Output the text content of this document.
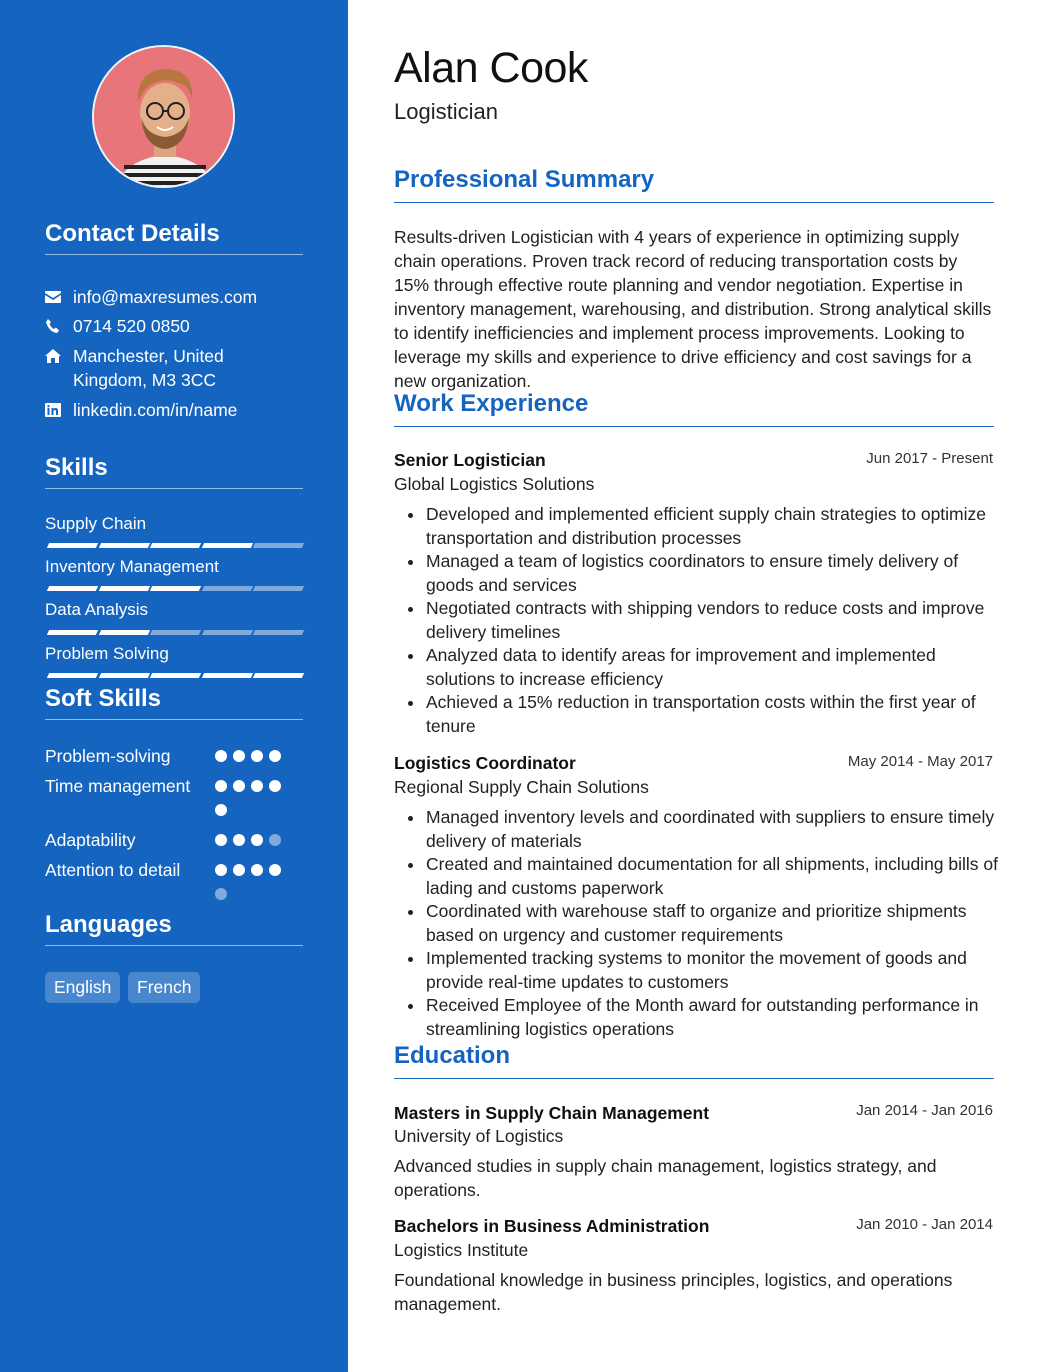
Contact Details
info@maxresumes.com
0714 520 0850
Manchester, United
Kingdom, M3 3CC
linkedin.com/in/name
Skills
Supply Chain
Inventory Management
Data Analysis
Problem Solving
Soft Skills
Problem-solving
Time management
Adaptability
Attention to detail
Languages
English	French
Alan Cook
Logistician
Professional Summary
Results-driven Logistician with 4 years of experience in optimizing supply chain operations. Proven track record of reducing transportation costs by 15% through effective route planning and vendor negotiation. Expertise in inventory management, warehousing, and distribution. Strong analytical skills to identify inefficiencies and implement process improvements. Looking to leverage my skills and experience to drive efficiency and cost savings for a new organization.
Work Experience
Senior Logistician	Jun 2017 - Present
Global Logistics Solutions
Developed and implemented efficient supply chain strategies to optimize transportation and distribution processes
Managed a team of logistics coordinators to ensure timely delivery of goods and services
Negotiated contracts with shipping vendors to reduce costs and improve delivery timelines
Analyzed data to identify areas for improvement and implemented solutions to increase efficiency
Achieved a 15% reduction in transportation costs within the first year of tenure
Logistics Coordinator	May 2014 - May 2017
Regional Supply Chain Solutions
Managed inventory levels and coordinated with suppliers to ensure timely delivery of materials
Created and maintained documentation for all shipments, including bills of lading and customs paperwork
Coordinated with warehouse staff to organize and prioritize shipments based on urgency and customer requirements
Implemented tracking systems to monitor the movement of goods and provide real-time updates to customers
Received Employee of the Month award for outstanding performance in streamlining logistics operations
Education
Masters in Supply Chain Management	Jan 2014 - Jan 2016
University of Logistics
Advanced studies in supply chain management, logistics strategy, and operations.
Bachelors in Business Administration	Jan 2010 - Jan 2014
Logistics Institute
Foundational knowledge in business principles, logistics, and operations management.
